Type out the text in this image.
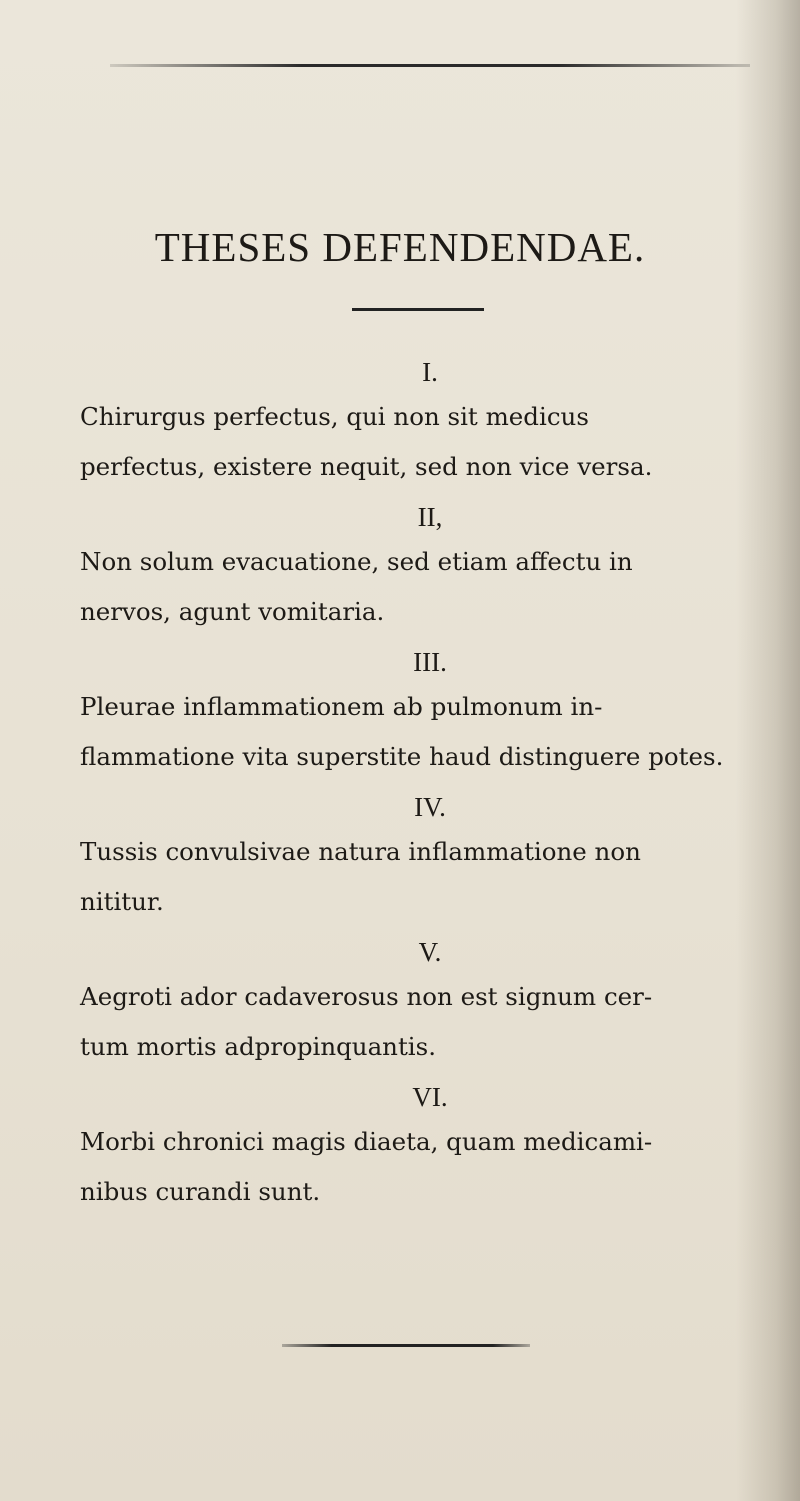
THESES DEFENDENDAE.
I.

Chirurgus perfectus, qui non sit medicus

perfectus, existere nequit, sed non vice versa.

II,

Non solum evacuatione, sed etiam affectu in

nervos, agunt vomitaria.

III.

Pleurae inflammationem ab pulmonum in-

flammatione vita superstite haud distinguere potes.

IV.

Tussis convulsivae natura inflammatione non

nititur.

V.

Aegroti ador cadaverosus non est signum cer-

tum mortis adpropinquantis.

VI.

Morbi chronici magis diaeta, quam medicami-

nibus curandi sunt.
